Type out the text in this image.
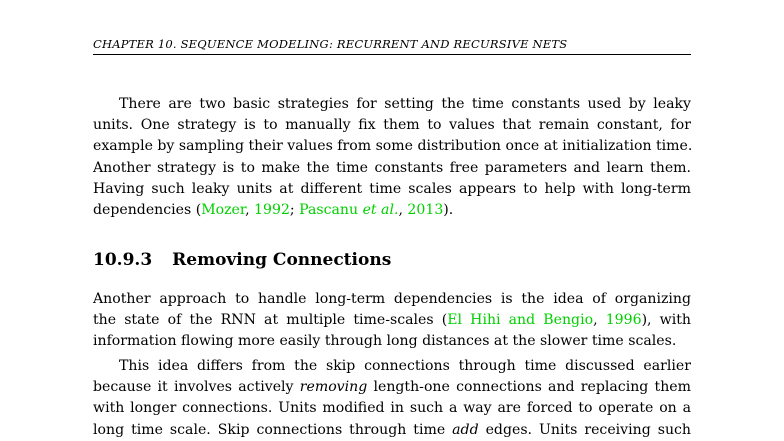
CHAPTER 10. SEQUENCE MODELING: RECURRENT AND RECURSIVE NETS
There are two basic strategies for setting the time constants used by leaky
units. One strategy is to manually fix them to values that remain constant, for
example by sampling their values from some distribution once at initialization time.
Another strategy is to make the time constants free parameters and learn them.
Having such leaky units at different time scales appears to help with long-term
dependencies (Mozer, 1992; Pascanu et al., 2013).
10.9.3 Removing Connections
Another approach to handle long-term dependencies is the idea of organizing
the state of the RNN at multiple time-scales (El Hihi and Bengio, 1996), with
information flowing more easily through long distances at the slower time scales.
This idea differs from the skip connections through time discussed earlier
because it involves actively removing length-one connections and replacing them
with longer connections. Units modified in such a way are forced to operate on a
long time scale. Skip connections through time add edges. Units receiving such
